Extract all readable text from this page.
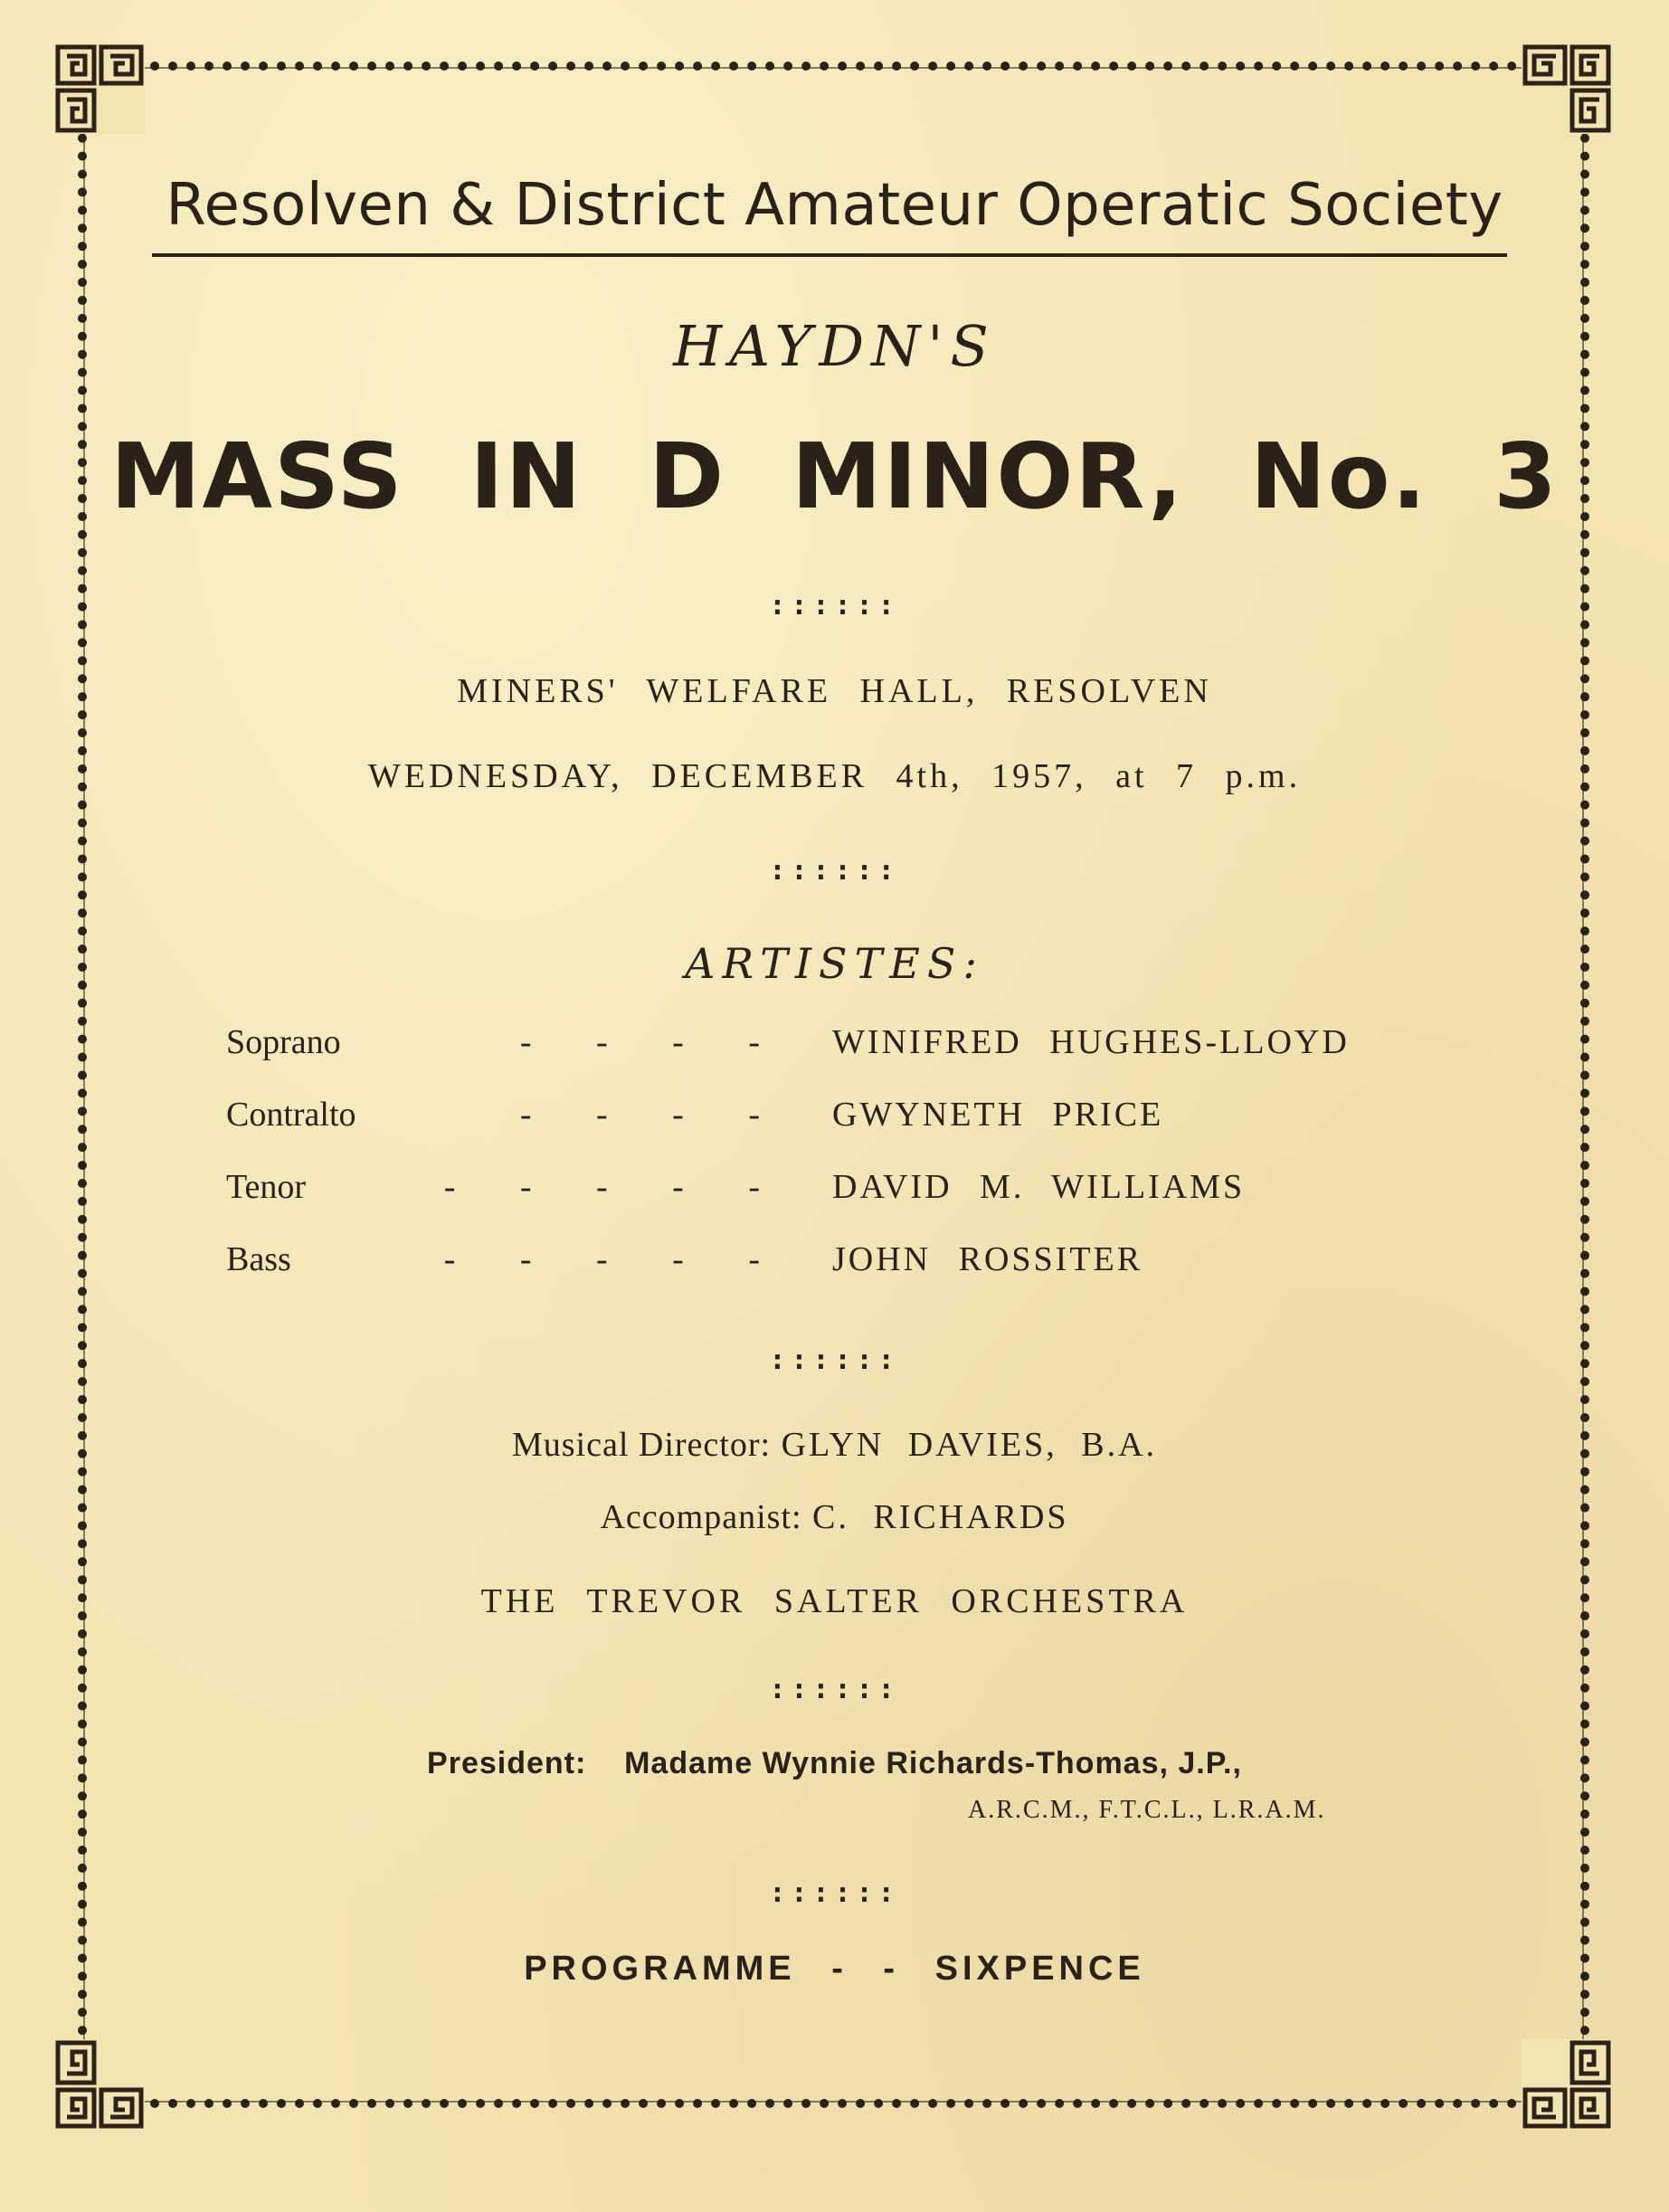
Resolven & District Amateur Operatic Society
HAYDN'S
MASS IN D MINOR, No. 3
::::::
MINERS' WELFARE HALL, RESOLVEN
WEDNESDAY, DECEMBER 4th, 1957, at 7 p.m.
::::::
ARTISTES:
Soprano	- - - - WINIFRED HUGHES-LLOYD
Contralto	- - - - GWYNETH PRICE
Tenor	- - - - - DAVID M. WILLIAMS
Bass	- - - - - JOHN ROSSITER
::::::
Musical Director: GLYN DAVIES, B.A.
Accompanist: C. RICHARDS
THE TREVOR SALTER ORCHESTRA
::::::
President: Madame Wynnie Richards-Thomas, J.P.,
A.R.C.M., F.T.C.L., L.R.A.M.
::::::
PROGRAMME - - SIXPENCE
